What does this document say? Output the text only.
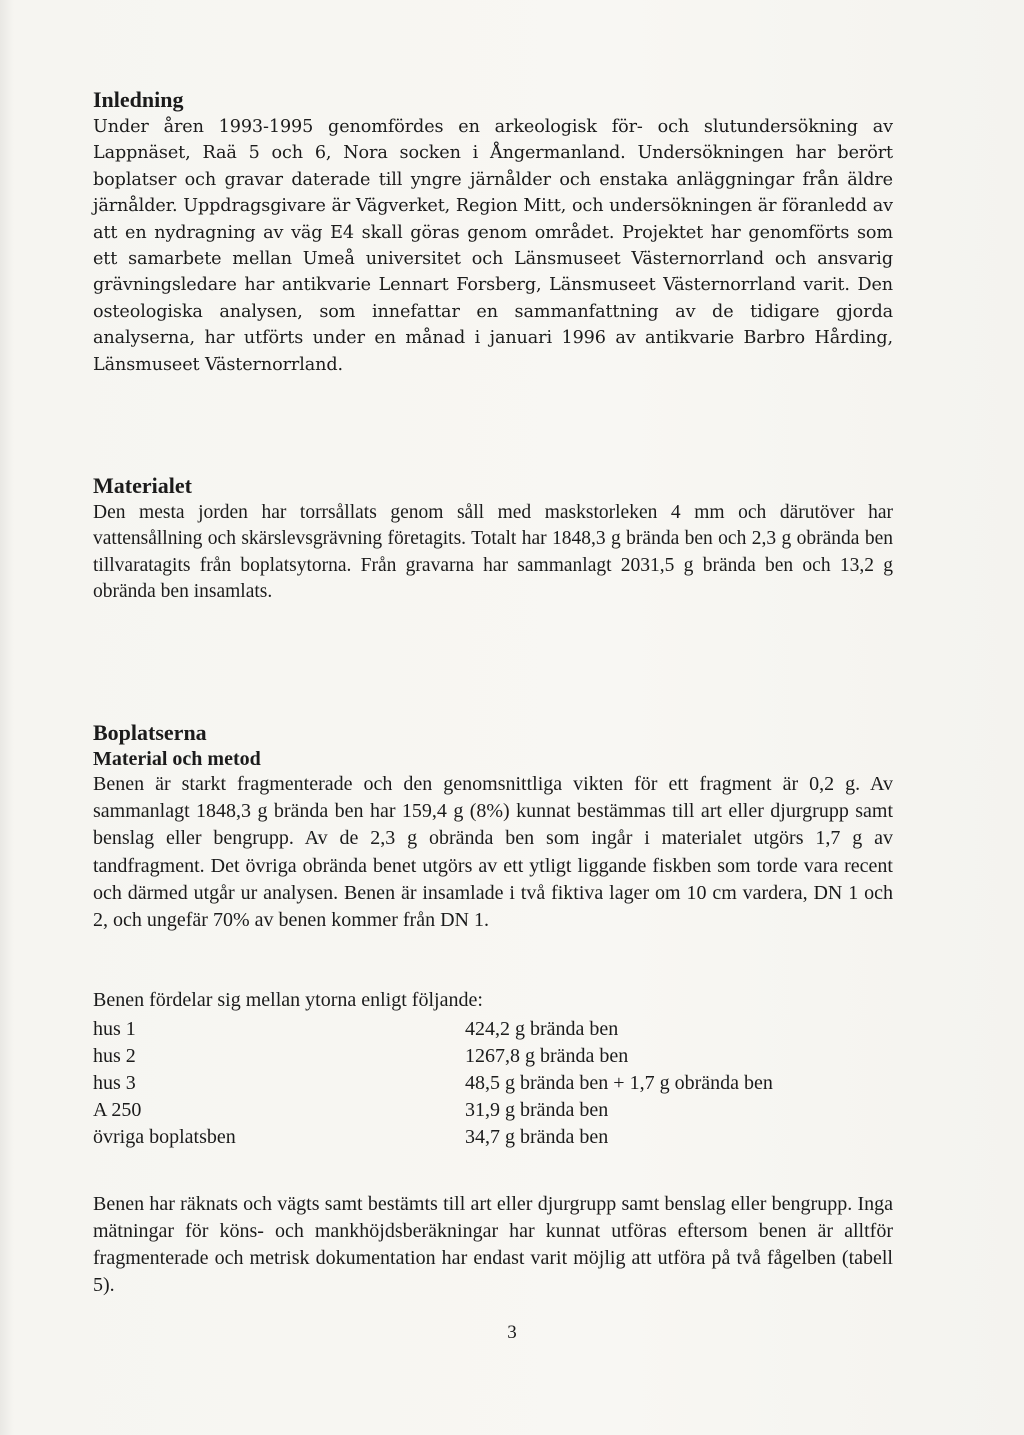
Inledning

Under åren 1993-1995 genomfördes en arkeologisk för- och slutundersökning av Lappnäset, Raä 5 och 6, Nora socken i Ångermanland. Undersökningen har berört boplatser och gravar daterade till yngre järnålder och enstaka anläggningar från äldre järnålder. Uppdragsgivare är Vägverket, Region Mitt, och undersökningen är föranledd av att en nydragning av väg E4 skall göras genom området. Projektet har genomförts som ett samarbete mellan Umeå universitet och Länsmuseet Västernorrland och ansvarig grävningsledare har antikvarie Lennart Forsberg, Länsmuseet Västernorrland varit. Den osteologiska analysen, som innefattar en sammanfattning av de tidigare gjorda analyserna, har utförts under en månad i januari 1996 av antikvarie Barbro Hårding, Länsmuseet Västernorrland.

Materialet

Den mesta jorden har torrsållats genom såll med maskstorleken 4 mm och därutöver har vattensållning och skärslevsgrävning företagits. Totalt har 1848,3 g brända ben och 2,3 g obrända ben tillvaratagits från boplatsytorna. Från gravarna har sammanlagt 2031,5 g brända ben och 13,2 g obrända ben insamlats.

Boplatserna
Material och metod

Benen är starkt fragmenterade och den genomsnittliga vikten för ett fragment är 0,2 g. Av sammanlagt 1848,3 g brända ben har 159,4 g (8%) kunnat bestämmas till art eller djurgrupp samt benslag eller bengrupp. Av de 2,3 g obrända ben som ingår i materialet utgörs 1,7 g av tandfragment. Det övriga obrända benet utgörs av ett ytligt liggande fiskben som torde vara recent och därmed utgår ur analysen. Benen är insamlade i två fiktiva lager om 10 cm vardera, DN 1 och 2, och ungefär 70% av benen kommer från DN 1.

Benen fördelar sig mellan ytorna enligt följande:
hus 1	424,2 g brända ben
hus 2	1267,8 g brända ben
hus 3	48,5 g brända ben + 1,7 g obrända ben
A 250	31,9 g brända ben
övriga boplatsben	34,7 g brända ben

Benen har räknats och vägts samt bestämts till art eller djurgrupp samt benslag eller bengrupp. Inga mätningar för köns- och mankhöjdsberäkningar har kunnat utföras eftersom benen är alltför fragmenterade och metrisk dokumentation har endast varit möjlig att utföra på två fågelben (tabell 5).

3
